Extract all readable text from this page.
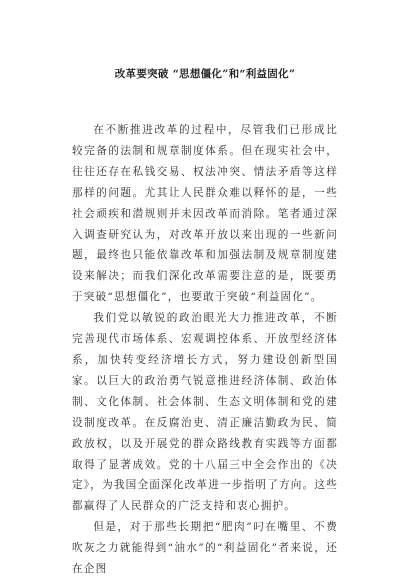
改革要突破 “思想僵化”和“利益固化”

在不断推进改革的过程中，尽管我们已形成比较完备的法制和规章制度体系。但在现实社会中，往往还存在私钱交易、权法冲突、情法矛盾等这样那样的问题。尤其让人民群众难以释怀的是，一些社会顽疾和潜规则并未因改革而消除。笔者通过深入调查研究认为，对改革开放以来出现的一些新问题，最终也只能依靠改革和加强法制及规章制度建设来解决；而我们深化改革需要注意的是，既要勇于突破“思想僵化”，也要敢于突破“利益固化”。

我们党以敏锐的政治眼光大力推进改革，不断完善现代市场体系、宏观调控体系、开放型经济体系，加快转变经济增长方式，努力建设创新型国家。以巨大的政治勇气锐意推进经济体制、政治体制、文化体制、社会体制、生态文明体制和党的建设制度改革。在反腐治吏、清正廉洁勤政为民、简政放权，以及开展党的群众路线教育实践等方面都取得了显著成效。党的十八届三中全会作出的《决定》，为我国全面深化改革进一步指明了方向。这些都赢得了人民群众的广泛支持和衷心拥护。

但是，对于那些长期把“肥肉”叼在嘴里、不费吹灰之力就能得到“油水”的“利益固化”者来说，还在企图
